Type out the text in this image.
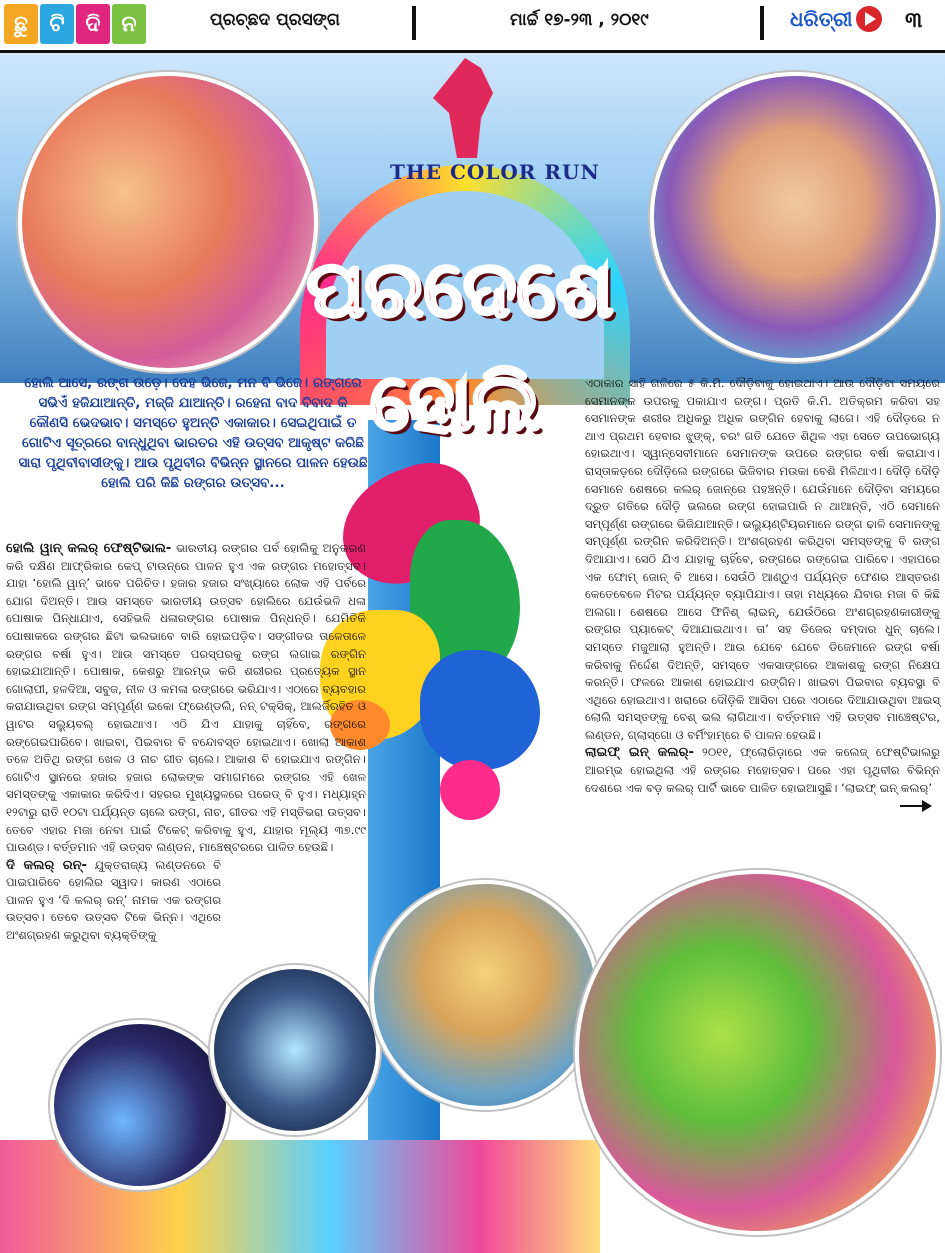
ଛୁ ଟି ଦି ନ	ପ୍ରଚ୍ଛଦ ପ୍ରସଙ୍ଗ	ମାର୍ଚ୍ଚ ୧୭-୨୩ , ୨୦୧୯	ଧରିତ୍ରୀ ୩
THE COLOR RUN
ପରଦେଶେ
ହୋଲି
ହୋଲି ଆସେ, ରଙ୍ଗ ଉଡ଼େ। ଦେହ ଭିଜେ, ମନ ବି ଭିଜେ। ରଙ୍ଗରେ ସଭିଏଁ ହଜିଯାଆନ୍ତି, ମଜ୍ଜି ଯାଆନ୍ତି। ରହେନା ବାଦ ବିବାଦ କି କୌଣସି ଭେଦଭାବ। ସମସ୍ତେ ହୁଅନ୍ତି ଏକାକାର। ସେଇଥିପାଇଁ ତ ଗୋଟିଏ ସୂତ୍ରରେ ବାନ୍ଧୁଥିବା ଭାରତର ଏହି ଉତ୍ସବ ଆକୃଷ୍ଟ କରିଛି ସାରା ପୃଥିବୀବାସୀଙ୍କୁ। ଆଉ ପୃଥିବୀର ବିଭିନ୍ନ ସ୍ଥାନରେ ପାଳନ ହେଉଛି ହୋଲି ପରି କିଛି ରଙ୍ଗର ଉତ୍ସବ...
ହୋଲି ୱାନ୍ କଲର୍ ଫେଷ୍ଟିଭାଲ- ଭାରତୀୟ ରଙ୍ଗର ପର୍ବ ହୋଲିକୁ ଅନୁକରଣ କରି ଦକ୍ଷିଣ ଆଫ୍ରିକାର କେପ୍ ଟାଉନ୍‌ରେ ପାଳନ ହୁଏ ଏକ ରଙ୍ଗର ମହୋତ୍ସବ। ଯାହା ‘ହୋଲି ୱାନ୍’ ଭାବେ ପରିଚିତ। ହଜାର ହଜାର ସଂଖ୍ୟାରେ ଲୋକ ଏହି ପର୍ବରେ ଯୋଗ ଦିଅନ୍ତି। ଆଉ ସମସ୍ତେ ଭାରତୀୟ ଉତ୍ସବ ହୋଲିରେ ଯେଉଁଭଳି ଧଳା ପୋଷାକ ପିନ୍ଧାଯାଏ, ସେହିଭଳି ଧଳାରଙ୍ଗର ପୋଷାକ ପିନ୍ଧନ୍ତି। ଯେମିତିକି ପୋଷାକରେ ରଙ୍ଗର ଛିଟା ଭଲଭାବେ ବାରି ହୋଇପଡ଼ିବ। ସଙ୍ଗୀତର ତାଳେତାଳେ ରଙ୍ଗର ବର୍ଷା ହୁଏ। ଆଉ ସମସ୍ତେ ପରସ୍ପରକୁ ରଙ୍ଗ ଲଗାଇ ରଙ୍ଗିନ ହୋଇଯାଆନ୍ତି। ପୋଷାକ, କେଶରୁ ଆରମ୍ଭ କରି ଶରୀରର ପ୍ରତ୍ୟେକ ସ୍ଥାନ ଗୋଲାପୀ, ହଳଦିଆ, ସବୁଜ, ନୀଳ ଓ କମଳା ରଙ୍ଗରେ ଭରିଯାଏ। ଏଠାରେ ବ୍ୟବହାର କରାଯାଉଥିବା ରଙ୍ଗ ସମ୍ପୂର୍ଣ୍ଣ ଇକୋ ଫ୍ରେଣ୍ଡଲି, ନନ୍ ଟକ୍ସିକ୍, ଆଲର୍ଜିରହିତ ଓ ୱାଟର ସଲ୍ୟୁବଲ୍ ହୋଇଥାଏ। ଏଠି ଯିଏ ଯାହାକୁ ଚାହିଁବେ, ରଙ୍ଗରେ ରଙ୍ଗେଇପାରିବେ। ଖାଇବା, ପିଇବାର ବି ବନ୍ଦୋବସ୍ତ ହୋଇଥାଏ। ଖୋଲା ଆକାଶ ତଳେ ଅତିଥି ରଙ୍ଗ ଖେଳ ଓ ନାଚ ଗୀତ ଚାଲେ। ଆକାଶ ବି ହୋଇଯାଏ ରଙ୍ଗିନ। ଗୋଟିଏ ସ୍ଥାନରେ ହଜାର ହଜାର ଲୋକଙ୍କ ସମାଗମରେ ରଙ୍ଗର ଏହି ଖେଳ ସମସ୍ତଙ୍କୁ ଏକାକାର କରିଦିଏ। ସହରର ମୁଖ୍ୟସ୍ଥଳରେ ପରେଡ୍ ବି ହୁଏ। ମଧ୍ୟାହ୍ନ ୧୨ଟାରୁ ରାତି ୧୦ଟା ପର୍ଯ୍ୟନ୍ତ ଚାଲେ ରଙ୍ଗ, ନାଚ, ଗୀତର ଏହି ମସ୍ତିଭରା ଉତ୍ସବ। ତେବେ ଏହାର ମଜା ନେବା ପାଇଁ ଟିକେଟ୍ କରିବାକୁ ହୁଏ, ଯାହାର ମୂଲ୍ୟ ୩୭.୯୯ ପାଉଣ୍ଡ। ବର୍ତ୍ତମାନ ଏହି ଉତ୍ସବ ଲଣ୍ଡନ, ମାଞ୍ଚେଷ୍ଟରରେ ପାଳିତ ହେଉଛି।
ଦି କଲର୍ ରନ୍- ଯୁକ୍ତରାଜ୍ୟ ଲଣ୍ଡନରେ ବି ପାଇପାରିବେ ହୋଲିର ସ୍ୱାଦ। କାରଣ ଏଠାରେ ପାଳନ ହୁଏ ‘ଦି କଲର୍ ରନ୍’ ନାମକ ଏକ ରଙ୍ଗର ଉତ୍ସବ। ତେବେ ଉତ୍ସବ ଟିକେ ଭିନ୍ନ। ଏଥିରେ ଅଂଶଗ୍ରହଣ କରୁଥିବା ବ୍ୟକ୍ତିଙ୍କୁ
ଏଠାକାର ସାହି ଗଳିରେ ୫ କି.ମି. ଦୌଡ଼ିବାକୁ ହୋଇଥାଏ। ଆଉ ଦୌଡ଼ିବା ସମୟରେ ସେମାନଙ୍କ ଉପରକୁ ପକାଯାଏ ରଙ୍ଗ। ପ୍ରତି କି.ମି. ଅତିକ୍ରମ କରିବା ସହ ସେମାନଙ୍କ ଶରୀର ଅଧିକରୁ ଅଧିକ ରଙ୍ଗିନ ହେବାକୁ ଲାଗେ। ଏହି ଦୌଡ଼ରେ ନ ଥାଏ ପ୍ରଥମ ହେବାର ଝୁଙ୍କ୍, ବରଂ ଗତି ଯେତେ ଶିଥିଳ ଏହା ସେତେ ଉପଭୋଗ୍ୟ ହୋଇଥାଏ। ସ୍ୱାନ୍ସେବୀମାନେ ସେମାନଙ୍କ ଉପରେ ରଙ୍ଗର ବର୍ଷା କରାଯାଏ। ରାସ୍ତାକଡ଼ରେ ଦୌଡ଼ିଲେ ରଙ୍ଗରେ ଭିଜିବାର ମଉକା ବେଶି ମିଳିଥାଏ। ଦୌଡ଼ି ଦୌଡ଼ି ସେମାନେ ଶେଷରେ କଲର୍ ଜୋନ୍‌ରେ ପହଞ୍ଚନ୍ତି। ଯେଉଁମାନେ ଦୌଡ଼ିବା ସମୟରେ ଦ୍ରୁତ ଗତିରେ ଦୌଡ଼ି ଭଲରେ ରଙ୍ଗ ହୋଇପାରି ନ ଥାଆନ୍ତି, ଏଠି ସେମାନେ ସମ୍ପୂର୍ଣ୍ଣ ରଙ୍ଗରେ ଭିଜିଯାଆନ୍ତି। ଭଲ୍ୟୁଣ୍ଟିୟରମାନେ ରଙ୍ଗ ଢାଳି ସେମାନଙ୍କୁ ସମ୍ପୂର୍ଣ୍ଣ ରଙ୍ଗିନ କରିଦିଅନ୍ତି। ଅଂଶଗ୍ରହଣ କରିଥିବା ସମସ୍ତଙ୍କୁ ବି ରଙ୍ଗ ଦିଆଯାଏ। ସେଠି ଯିଏ ଯାହାକୁ ଚାହିଁବେ, ରଙ୍ଗରେ ରଙ୍ଗେଇ ପାରିବେ। ଏହାପରେ ଏକ ଫୋମ୍ ଜୋନ୍ ବି ଆସେ। ସେଉଁଠି ଆଣ୍ଠୁଏ ପର୍ଯ୍ୟନ୍ତ ଫେଣର ଆସ୍ତରଣ କେତେବେଳେ ମିଟର ପର୍ଯ୍ୟନ୍ତ ବ୍ୟାପିଯାଏ। ତାହା ମଧ୍ୟରେ ଯିବାର ମଜା ବି କିଛି ଅଲଗା। ଶେଷରେ ଆସେ ଫିନିଶ୍ ଲାଇନ୍, ଯେଉଁଠିରେ ଅଂଶଗ୍ରହଣକାରୀଙ୍କୁ ରଙ୍ଗର ପ୍ୟାକେଟ୍ ଦିଆଯାଇଥାଏ। ତା’ ସହ ଡିଜେର ଦମ୍‌ଦାର ଧୁନ୍ ଚାଲେ। ସମସ୍ତେ ମଜୁଆଲା ହୁଅନ୍ତି। ଆଉ ଯେବେ ଯେବେ ଡିଜେମାନେ ରଙ୍ଗ ବର୍ଷା କରିବାକୁ ନିର୍ଦ୍ଦେଶ ଦିଅନ୍ତି, ସମସ୍ତେ ଏକସାଙ୍ଗରେ ଆକାଶକୁ ରଙ୍ଗ ନିକ୍ଷେପ କରନ୍ତି। ଫଳରେ ଆକାଶ ହୋଇଯାଏ ରଙ୍ଗିନ। ଖାଇବା ପିଇବାର ବ୍ୟବସ୍ଥା ବି ଏଥିରେ ହୋଇଥାଏ। ଖରାରେ ଦୌଡ଼ିକି ଆସିବା ପରେ ଏଠାରେ ଦିଆଯାଉଥିବା ଆଇସ୍ ଲୋଲି ସମସ୍ତଙ୍କୁ ବେଶ୍ ଭଲ ଲାଗିଥାଏ। ବର୍ତ୍ତମାନ ଏହି ଉତ୍ସବ ମାଞ୍ଚେଷ୍ଟର, ଲଣ୍ଡନ, ଗ୍ଲାସ୍‌ଗୋ ଓ ବର୍ମିଂହାମ୍‌ରେ ବି ପାଳନ ହେଉଛି।
ଲାଇଫ୍ ଇନ୍ କଲର୍- ୨୦୧୧, ଫ୍ଲୋରିଡ଼ାରେ ଏକ କଲେଜ୍ ଫେଷ୍ଟିଭାଲରୁ ଆରମ୍ଭ ହୋଇଥିଲା ଏହି ରଙ୍ଗର ମହୋତ୍ସବ। ପରେ ଏହା ପୃଥିବୀର ବିଭିନ୍ନ ଦେଶରେ ଏକ ବଡ଼ କଲର୍ ପାର୍ଟି ଭାବେ ପାଳିତ ହୋଇଆସୁଛି। ‘ଲାଇଫ୍ ଇନ୍ କଲର୍’
